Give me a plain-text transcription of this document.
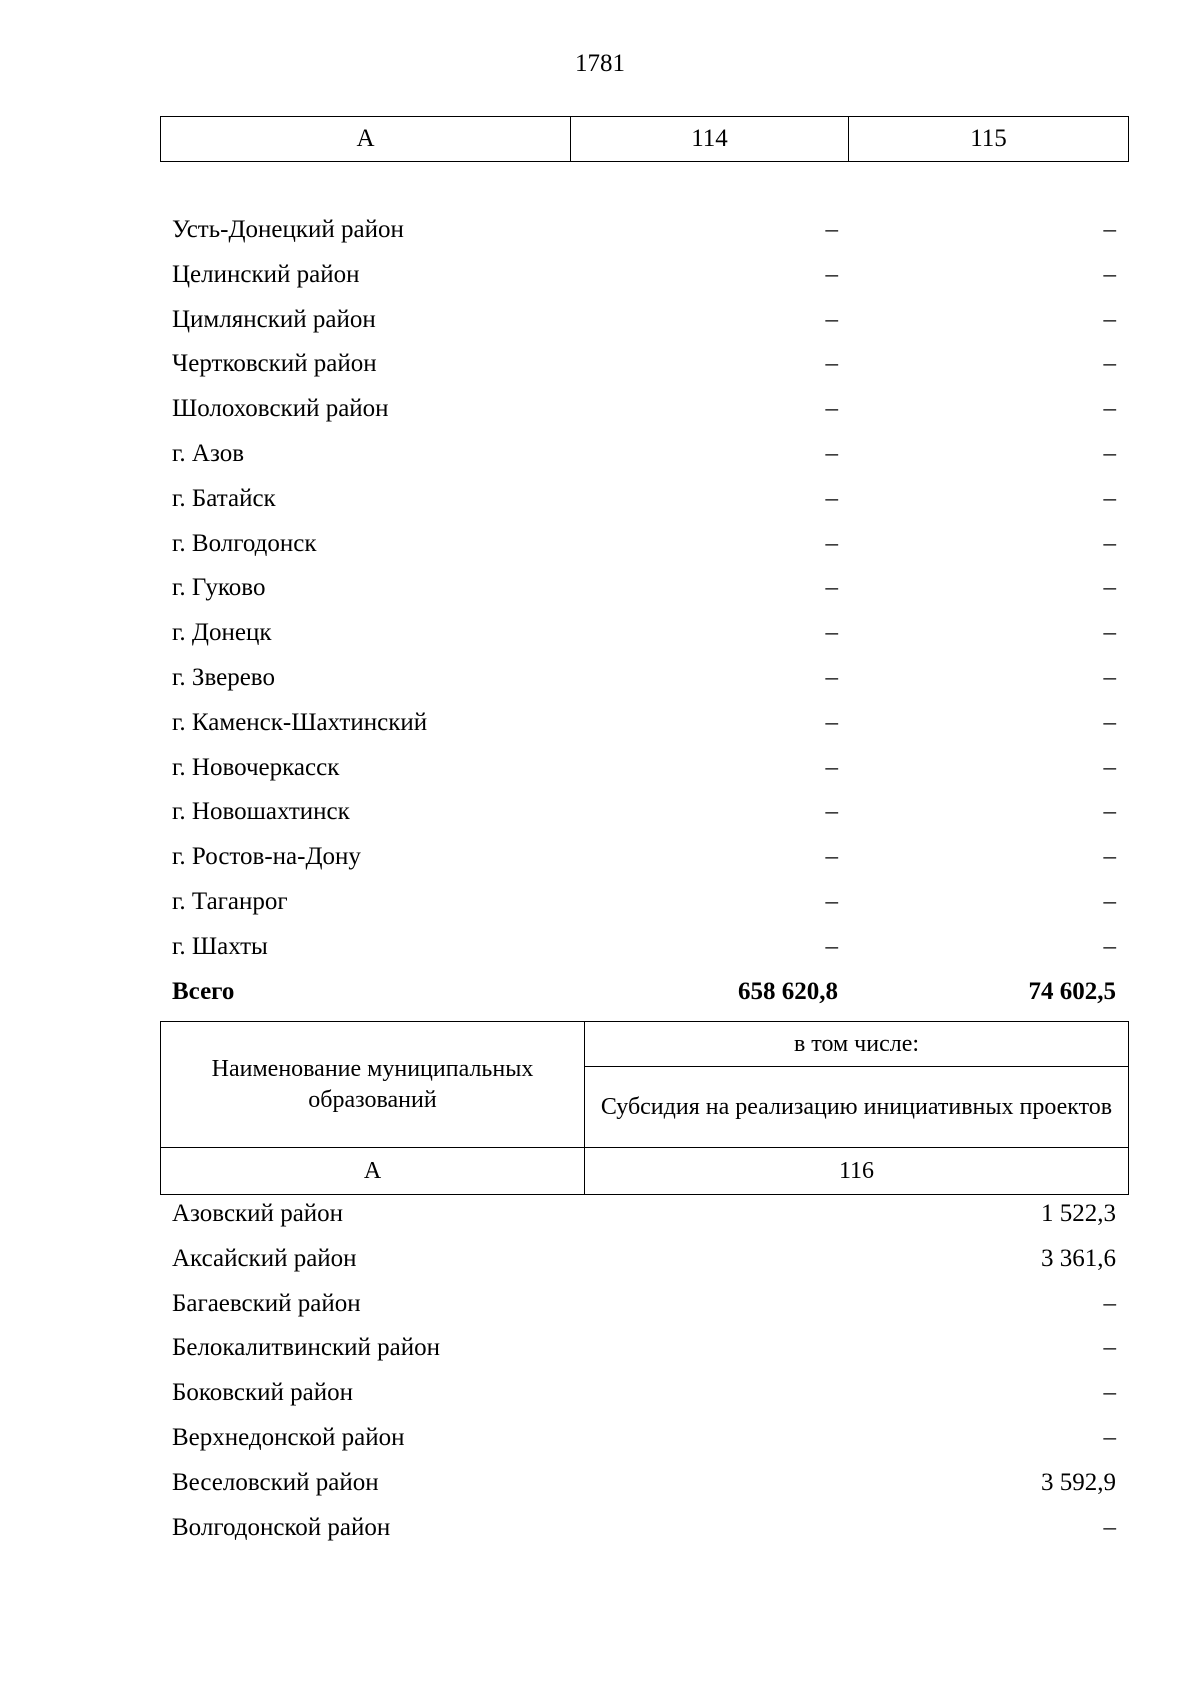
1781
А	114	115
Усть-Донецкий район	–	–
Целинский район	–	–
Цимлянский район	–	–
Чертковский район	–	–
Шолоховский район	–	–
г. Азов	–	–
г. Батайск	–	–
г. Волгодонск	–	–
г. Гуково	–	–
г. Донецк	–	–
г. Зверево	–	–
г. Каменск-Шахтинский	–	–
г. Новочеркасск	–	–
г. Новошахтинск	–	–
г. Ростов-на-Дону	–	–
г. Таганрог	–	–
г. Шахты	–	–
Всего	658 620,8	74 602,5
Наименование муниципальных образований	в том числе:
	Субсидия на реализацию инициативных проектов
А	116
Азовский район	1 522,3
Аксайский район	3 361,6
Багаевский район	–
Белокалитвинский район	–
Боковский район	–
Верхнедонской район	–
Веселовский район	3 592,9
Волгодонской район	–
